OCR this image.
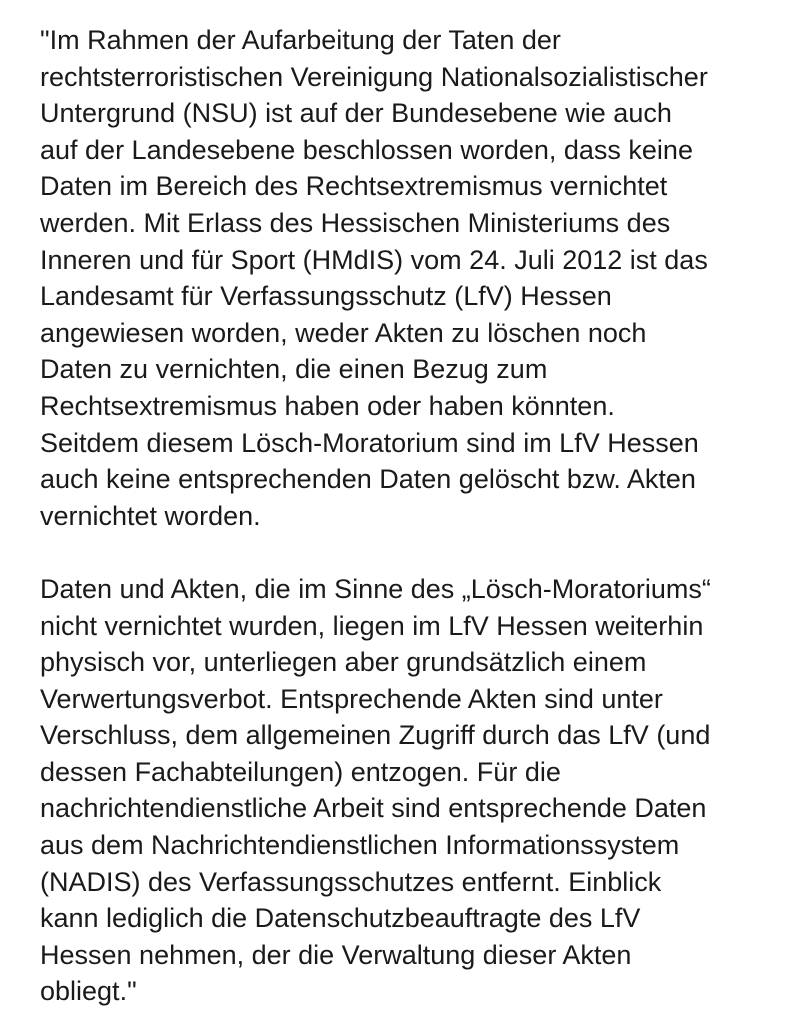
"Im Rahmen der Aufarbeitung der Taten der
rechtsterroristischen Vereinigung Nationalsozialistischer
Untergrund (NSU) ist auf der Bundesebene wie auch
auf der Landesebene beschlossen worden, dass keine
Daten im Bereich des Rechtsextremismus vernichtet
werden. Mit Erlass des Hessischen Ministeriums des
Inneren und für Sport (HMdIS) vom 24. Juli 2012 ist das
Landesamt für Verfassungsschutz (LfV) Hessen
angewiesen worden, weder Akten zu löschen noch
Daten zu vernichten, die einen Bezug zum
Rechtsextremismus haben oder haben könnten.
Seitdem diesem Lösch-Moratorium sind im LfV Hessen
auch keine entsprechenden Daten gelöscht bzw. Akten
vernichtet worden.
Daten und Akten, die im Sinne des „Lösch-Moratoriums“
nicht vernichtet wurden, liegen im LfV Hessen weiterhin
physisch vor, unterliegen aber grundsätzlich einem
Verwertungsverbot. Entsprechende Akten sind unter
Verschluss, dem allgemeinen Zugriff durch das LfV (und
dessen Fachabteilungen) entzogen. Für die
nachrichtendienstliche Arbeit sind entsprechende Daten
aus dem Nachrichtendienstlichen Informationssystem
(NADIS) des Verfassungsschutzes entfernt. Einblick
kann lediglich die Datenschutzbeauftragte des LfV
Hessen nehmen, der die Verwaltung dieser Akten
obliegt."
